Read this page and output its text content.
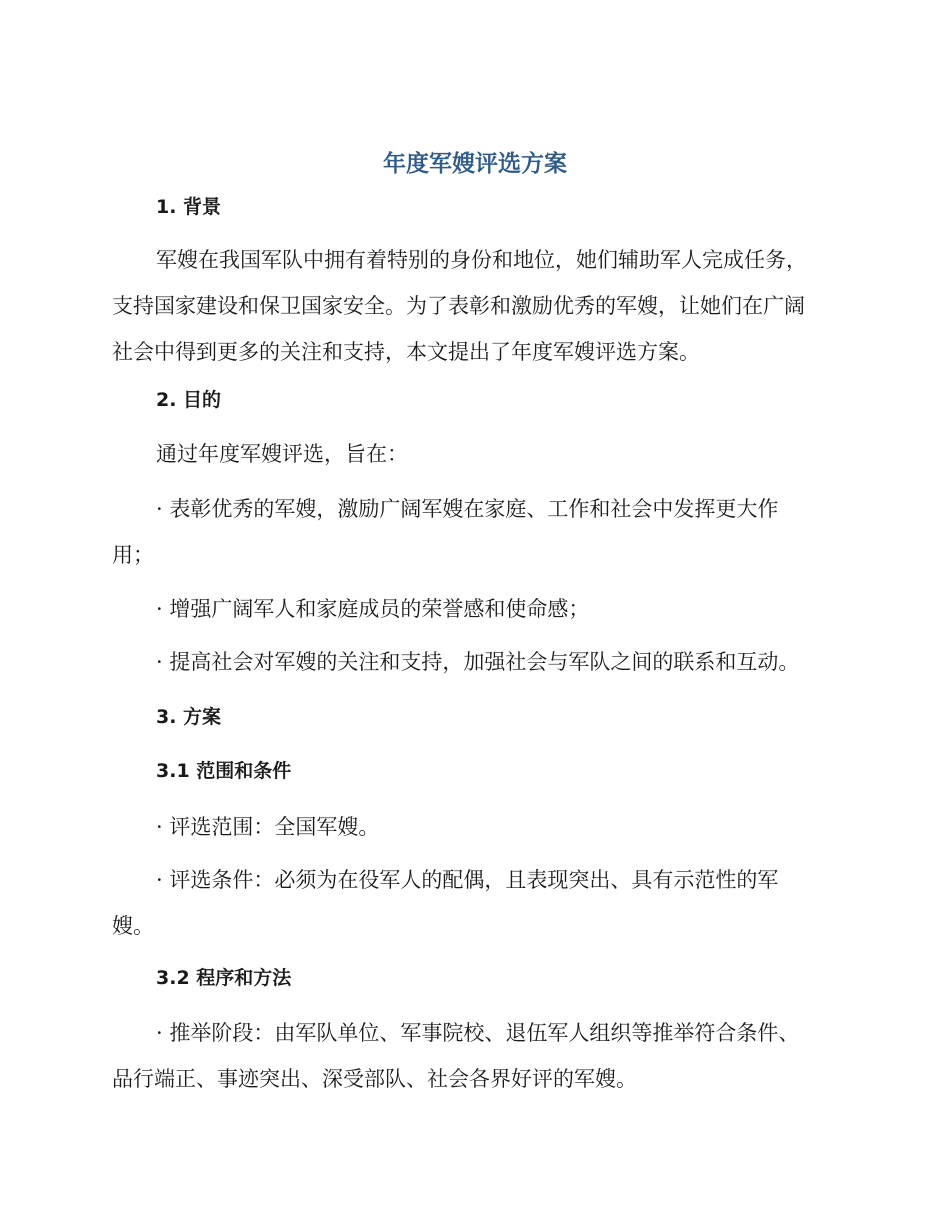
年度军嫂评选方案
1. 背景
军嫂在我国军队中拥有着特别的身份和地位，她们辅助军人完成任务，
支持国家建设和保卫国家安全。为了表彰和激励优秀的军嫂，让她们在广阔
社会中得到更多的关注和支持，本文提出了年度军嫂评选方案。
2. 目的
通过年度军嫂评选，旨在：
· 表彰优秀的军嫂，激励广阔军嫂在家庭、工作和社会中发挥更大作
用；
· 增强广阔军人和家庭成员的荣誉感和使命感；
· 提高社会对军嫂的关注和支持，加强社会与军队之间的联系和互动。
3. 方案
3.1 范围和条件
· 评选范围：全国军嫂。
· 评选条件：必须为在役军人的配偶，且表现突出、具有示范性的军
嫂。
3.2 程序和方法
· 推举阶段：由军队单位、军事院校、退伍军人组织等推举符合条件、
品行端正、事迹突出、深受部队、社会各界好评的军嫂。
